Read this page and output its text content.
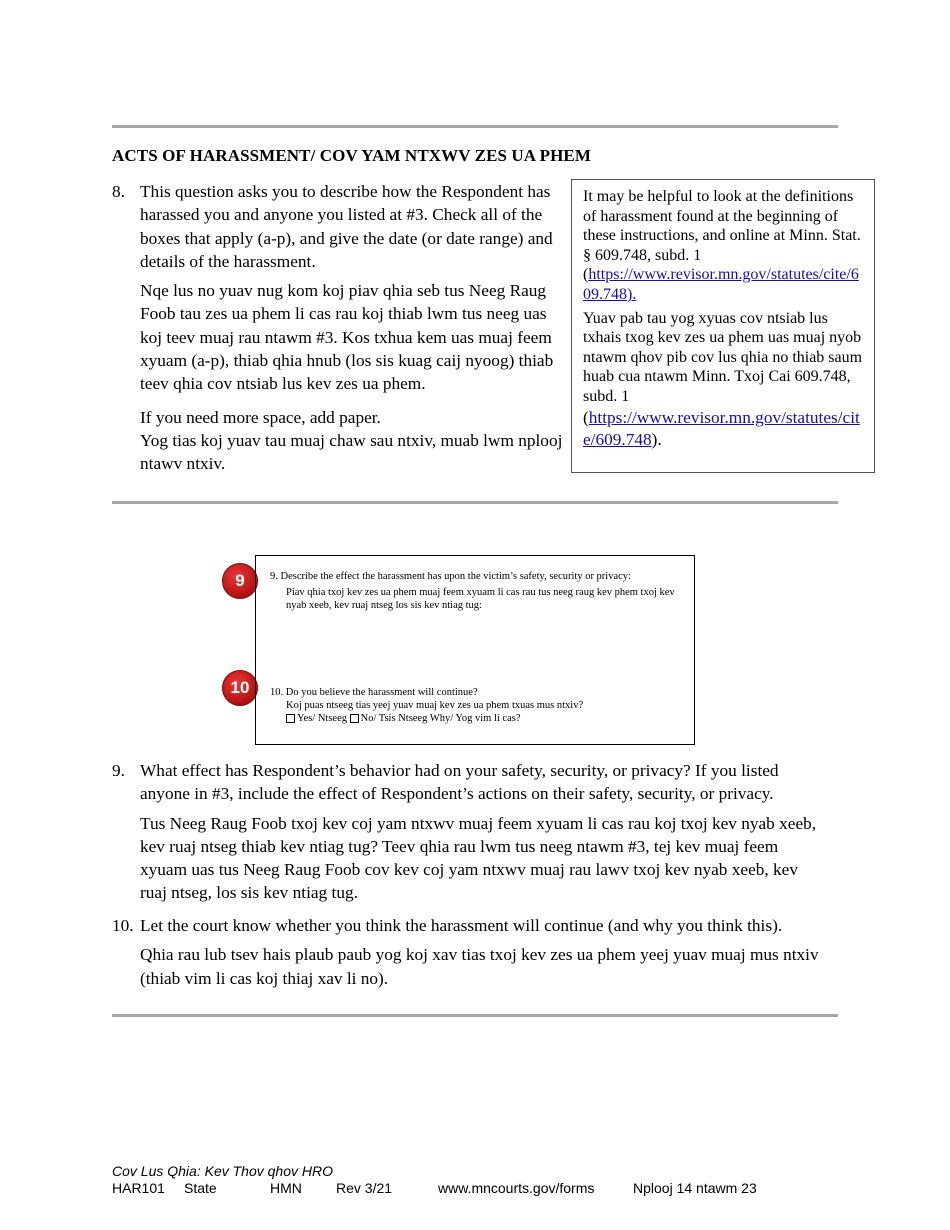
ACTS OF HARASSMENT/ COV YAM NTXWV ZES UA PHEM
8. This question asks you to describe how the Respondent has harassed you and anyone you listed at #3. Check all of the boxes that apply (a-p), and give the date (or date range) and details of the harassment.

Nqe lus no yuav nug kom koj piav qhia seb tus Neeg Raug Foob tau zes ua phem li cas rau koj thiab lwm tus neeg uas koj teev muaj rau ntawm #3. Kos txhua kem uas muaj feem xyuam (a-p), thiab qhia hnub (los sis kuag caij nyoog) thiab teev qhia cov ntsiab lus kev zes ua phem.

If you need more space, add paper.

Yog tias koj yuav tau muaj chaw sau ntxiv, muab lwm nplooj ntawv ntxiv.

It may be helpful to look at the definitions of harassment found at the beginning of these instructions, and online at Minn. Stat. § 609.748, subd. 1
(https://www.revisor.mn.gov/statutes/cite/609.748).

Yuav pab tau yog xyuas cov ntsiab lus txhais txog kev zes ua phem uas muaj nyob ntawm qhov pib cov lus qhia no thiab saum huab cua ntawm Minn. Txoj Cai 609.748, subd. 1
(https://www.revisor.mn.gov/statutes/cite/609.748).

9
10
9. Describe the effect the harassment has upon the victim’s safety, security or privacy:
Piav qhia txoj kev zes ua phem muaj feem xyuam li cas rau tus neeg raug kev phem txoj kev nyab xeeb, kev ruaj ntseg los sis kev ntiag tug:
10. Do you believe the harassment will continue?
Koj puas ntseeg tias yeej yuav muaj kev zes ua phem txuas mus ntxiv?
Yes/ Ntseeg No/ Tsis Ntseeg Why/ Yog vim li cas?
9. What effect has Respondent’s behavior had on your safety, security, or privacy? If you listed anyone in #3, include the effect of Respondent’s actions on their safety, security, or privacy.

Tus Neeg Raug Foob txoj kev coj yam ntxwv muaj feem xyuam li cas rau koj txoj kev nyab xeeb, kev ruaj ntseg thiab kev ntiag tug? Teev qhia rau lwm tus neeg ntawm #3, tej kev muaj feem xyuam uas tus Neeg Raug Foob cov kev coj yam ntxwv muaj rau lawv txoj kev nyab xeeb, kev ruaj ntseg, los sis kev ntiag tug.

10. Let the court know whether you think the harassment will continue (and why you think this).

Qhia rau lub tsev hais plaub paub yog koj xav tias txoj kev zes ua phem yeej yuav muaj mus ntxiv (thiab vim li cas koj thiaj xav li no).

Cov Lus Qhia: Kev Thov qhov HRO
HAR101 State	HMN Rev 3/21	www.mncourts.gov/forms	Nplooj 14 ntawm 23
